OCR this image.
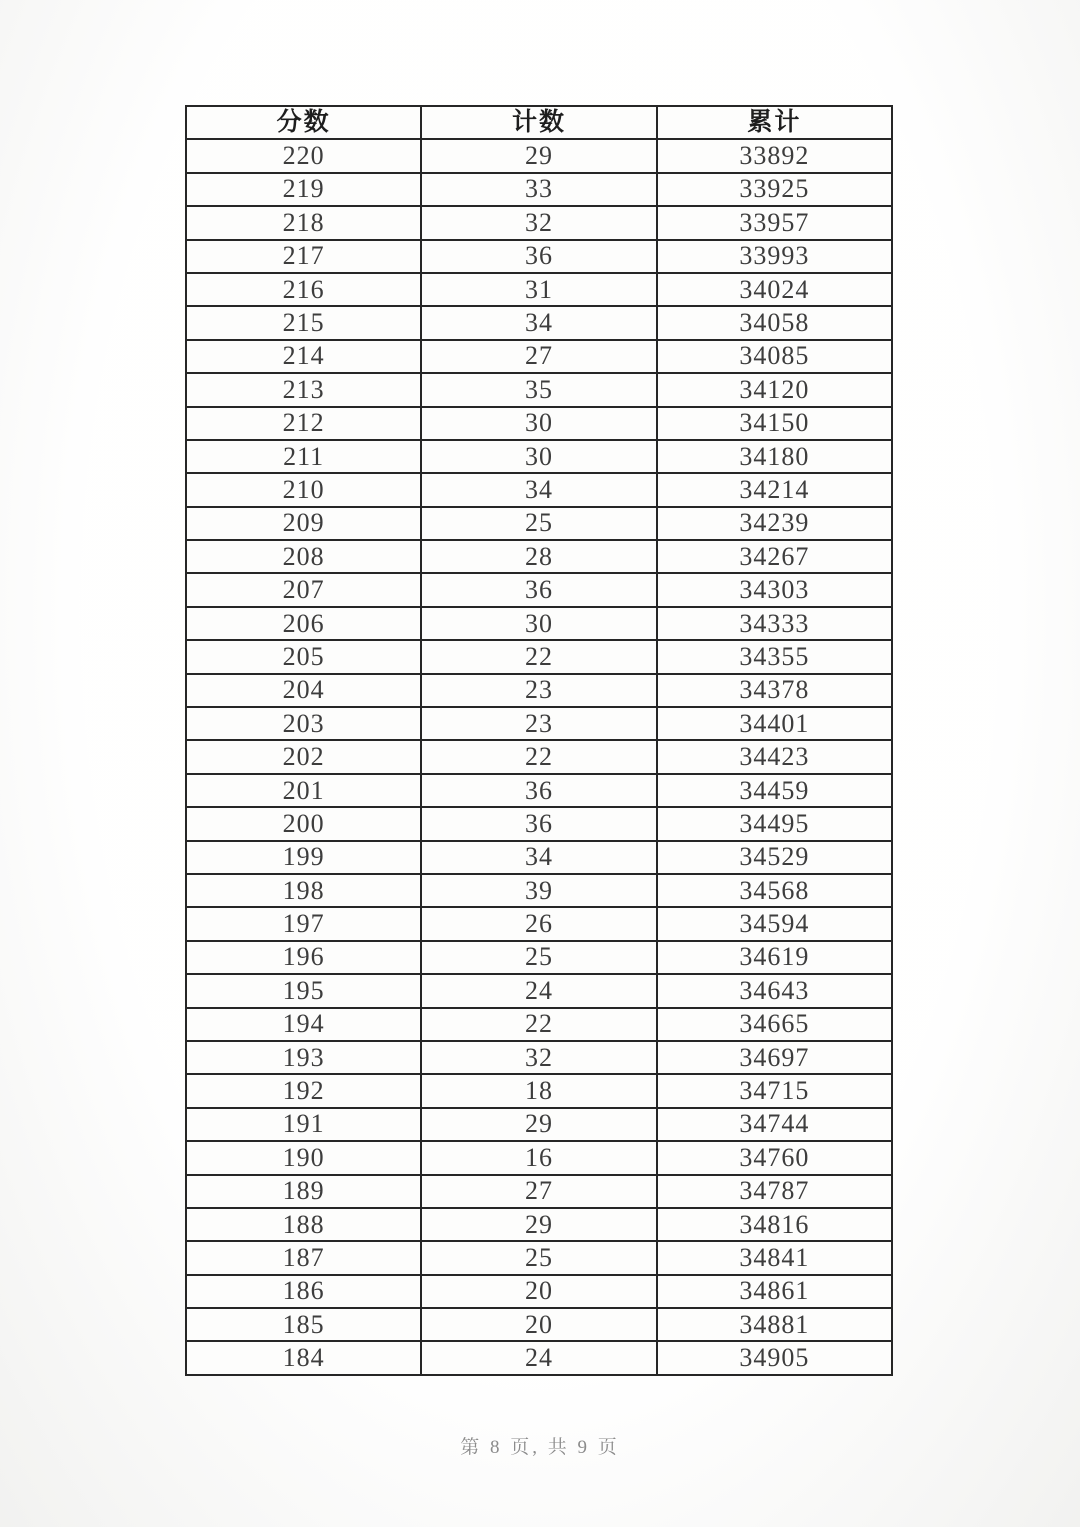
分数	计数	累计
220	29	33892
219	33	33925
218	32	33957
217	36	33993
216	31	34024
215	34	34058
214	27	34085
213	35	34120
212	30	34150
211	30	34180
210	34	34214
209	25	34239
208	28	34267
207	36	34303
206	30	34333
205	22	34355
204	23	34378
203	23	34401
202	22	34423
201	36	34459
200	36	34495
199	34	34529
198	39	34568
197	26	34594
196	25	34619
195	24	34643
194	22	34665
193	32	34697
192	18	34715
191	29	34744
190	16	34760
189	27	34787
188	29	34816
187	25	34841
186	20	34861
185	20	34881
184	24	34905
第 8 页, 共 9 页
